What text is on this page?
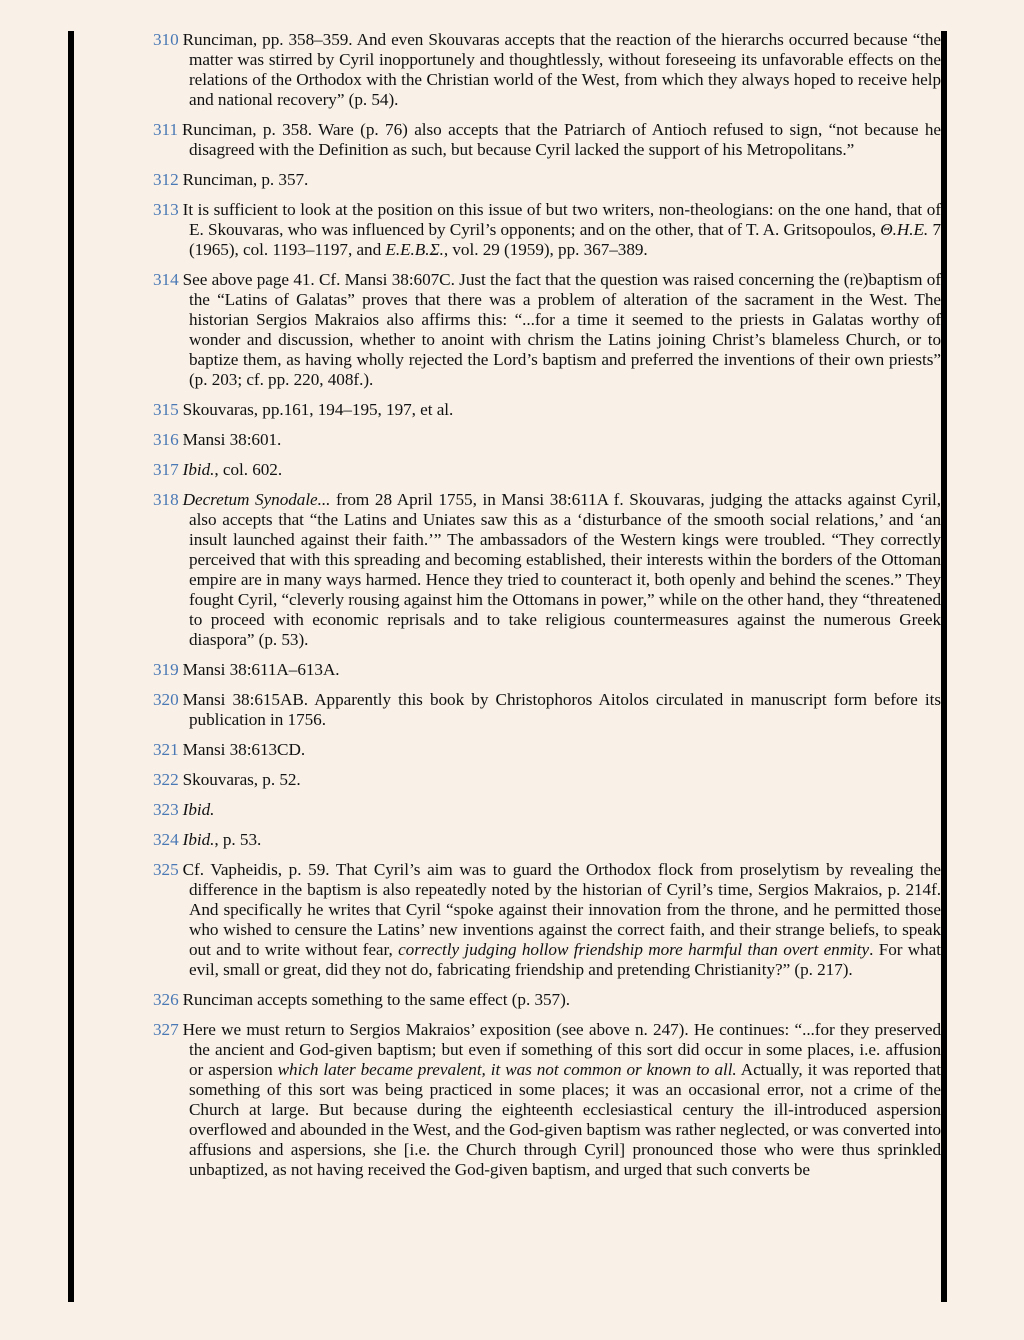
310 Runciman, pp. 358–359. And even Skouvaras accepts that the reaction of the hierarchs occurred because “the matter was stirred by Cyril inopportunely and thoughtlessly, without foreseeing its unfavorable effects on the relations of the Orthodox with the Christian world of the West, from which they always hoped to receive help and national recovery” (p. 54).

311 Runciman, p. 358. Ware (p. 76) also accepts that the Patriarch of Antioch refused to sign, “not because he disagreed with the Definition as such, but because Cyril lacked the support of his Metropolitans.”

312 Runciman, p. 357.

313 It is sufficient to look at the position on this issue of but two writers, non-theologians: on the one hand, that of E. Skouvaras, who was influenced by Cyril’s opponents; and on the other, that of T. A. Gritsopoulos, Θ.Η.Ε. 7 (1965), col. 1193–1197, and Ε.Ε.Β.Σ., vol. 29 (1959), pp. 367–389.

314 See above page 41. Cf. Mansi 38:607C. Just the fact that the question was raised concerning the (re)baptism of the “Latins of Galatas” proves that there was a problem of alteration of the sacrament in the West. The historian Sergios Makraios also affirms this: “...for a time it seemed to the priests in Galatas worthy of wonder and discussion, whether to anoint with chrism the Latins joining Christ’s blameless Church, or to baptize them, as having wholly rejected the Lord’s baptism and preferred the inventions of their own priests” (p. 203; cf. pp. 220, 408f.).

315 Skouvaras, pp.161, 194–195, 197, et al.

316 Mansi 38:601.

317 Ibid., col. 602.

318 Decretum Synodale... from 28 April 1755, in Mansi 38:611A f. Skouvaras, judging the attacks against Cyril, also accepts that “the Latins and Uniates saw this as a ‘disturbance of the smooth social relations,’ and ‘an insult launched against their faith.’” The ambassadors of the Western kings were troubled. “They correctly perceived that with this spreading and becoming established, their interests within the borders of the Ottoman empire are in many ways harmed. Hence they tried to counteract it, both openly and behind the scenes.” They fought Cyril, “cleverly rousing against him the Ottomans in power,” while on the other hand, they “threatened to proceed with economic reprisals and to take religious countermeasures against the numerous Greek diaspora” (p. 53).

319 Mansi 38:611A–613A.

320 Mansi 38:615AB. Apparently this book by Christophoros Aitolos circulated in manuscript form before its publication in 1756.

321 Mansi 38:613CD.

322 Skouvaras, p. 52.

323 Ibid.

324 Ibid., p. 53.

325 Cf. Vapheidis, p. 59. That Cyril’s aim was to guard the Orthodox flock from proselytism by revealing the difference in the baptism is also repeatedly noted by the historian of Cyril’s time, Sergios Makraios, p. 214f. And specifically he writes that Cyril “spoke against their innovation from the throne, and he permitted those who wished to censure the Latins’ new inventions against the correct faith, and their strange beliefs, to speak out and to write without fear, correctly judging hollow friendship more harmful than overt enmity. For what evil, small or great, did they not do, fabricating friendship and pretending Christianity?” (p. 217).

326 Runciman accepts something to the same effect (p. 357).

327 Here we must return to Sergios Makraios’ exposition (see above n. 247). He continues: “...for they preserved the ancient and God-given baptism; but even if something of this sort did occur in some places, i.e. affusion or aspersion which later became prevalent, it was not common or known to all. Actually, it was reported that something of this sort was being practiced in some places; it was an occasional error, not a crime of the Church at large. But because during the eighteenth ecclesiastical century the ill-introduced aspersion overflowed and abounded in the West, and the God-given baptism was rather neglected, or was converted into affusions and aspersions, she [i.e. the Church through Cyril] pronounced those who were thus sprinkled unbaptized, as not having received the God-given baptism, and urged that such converts be
